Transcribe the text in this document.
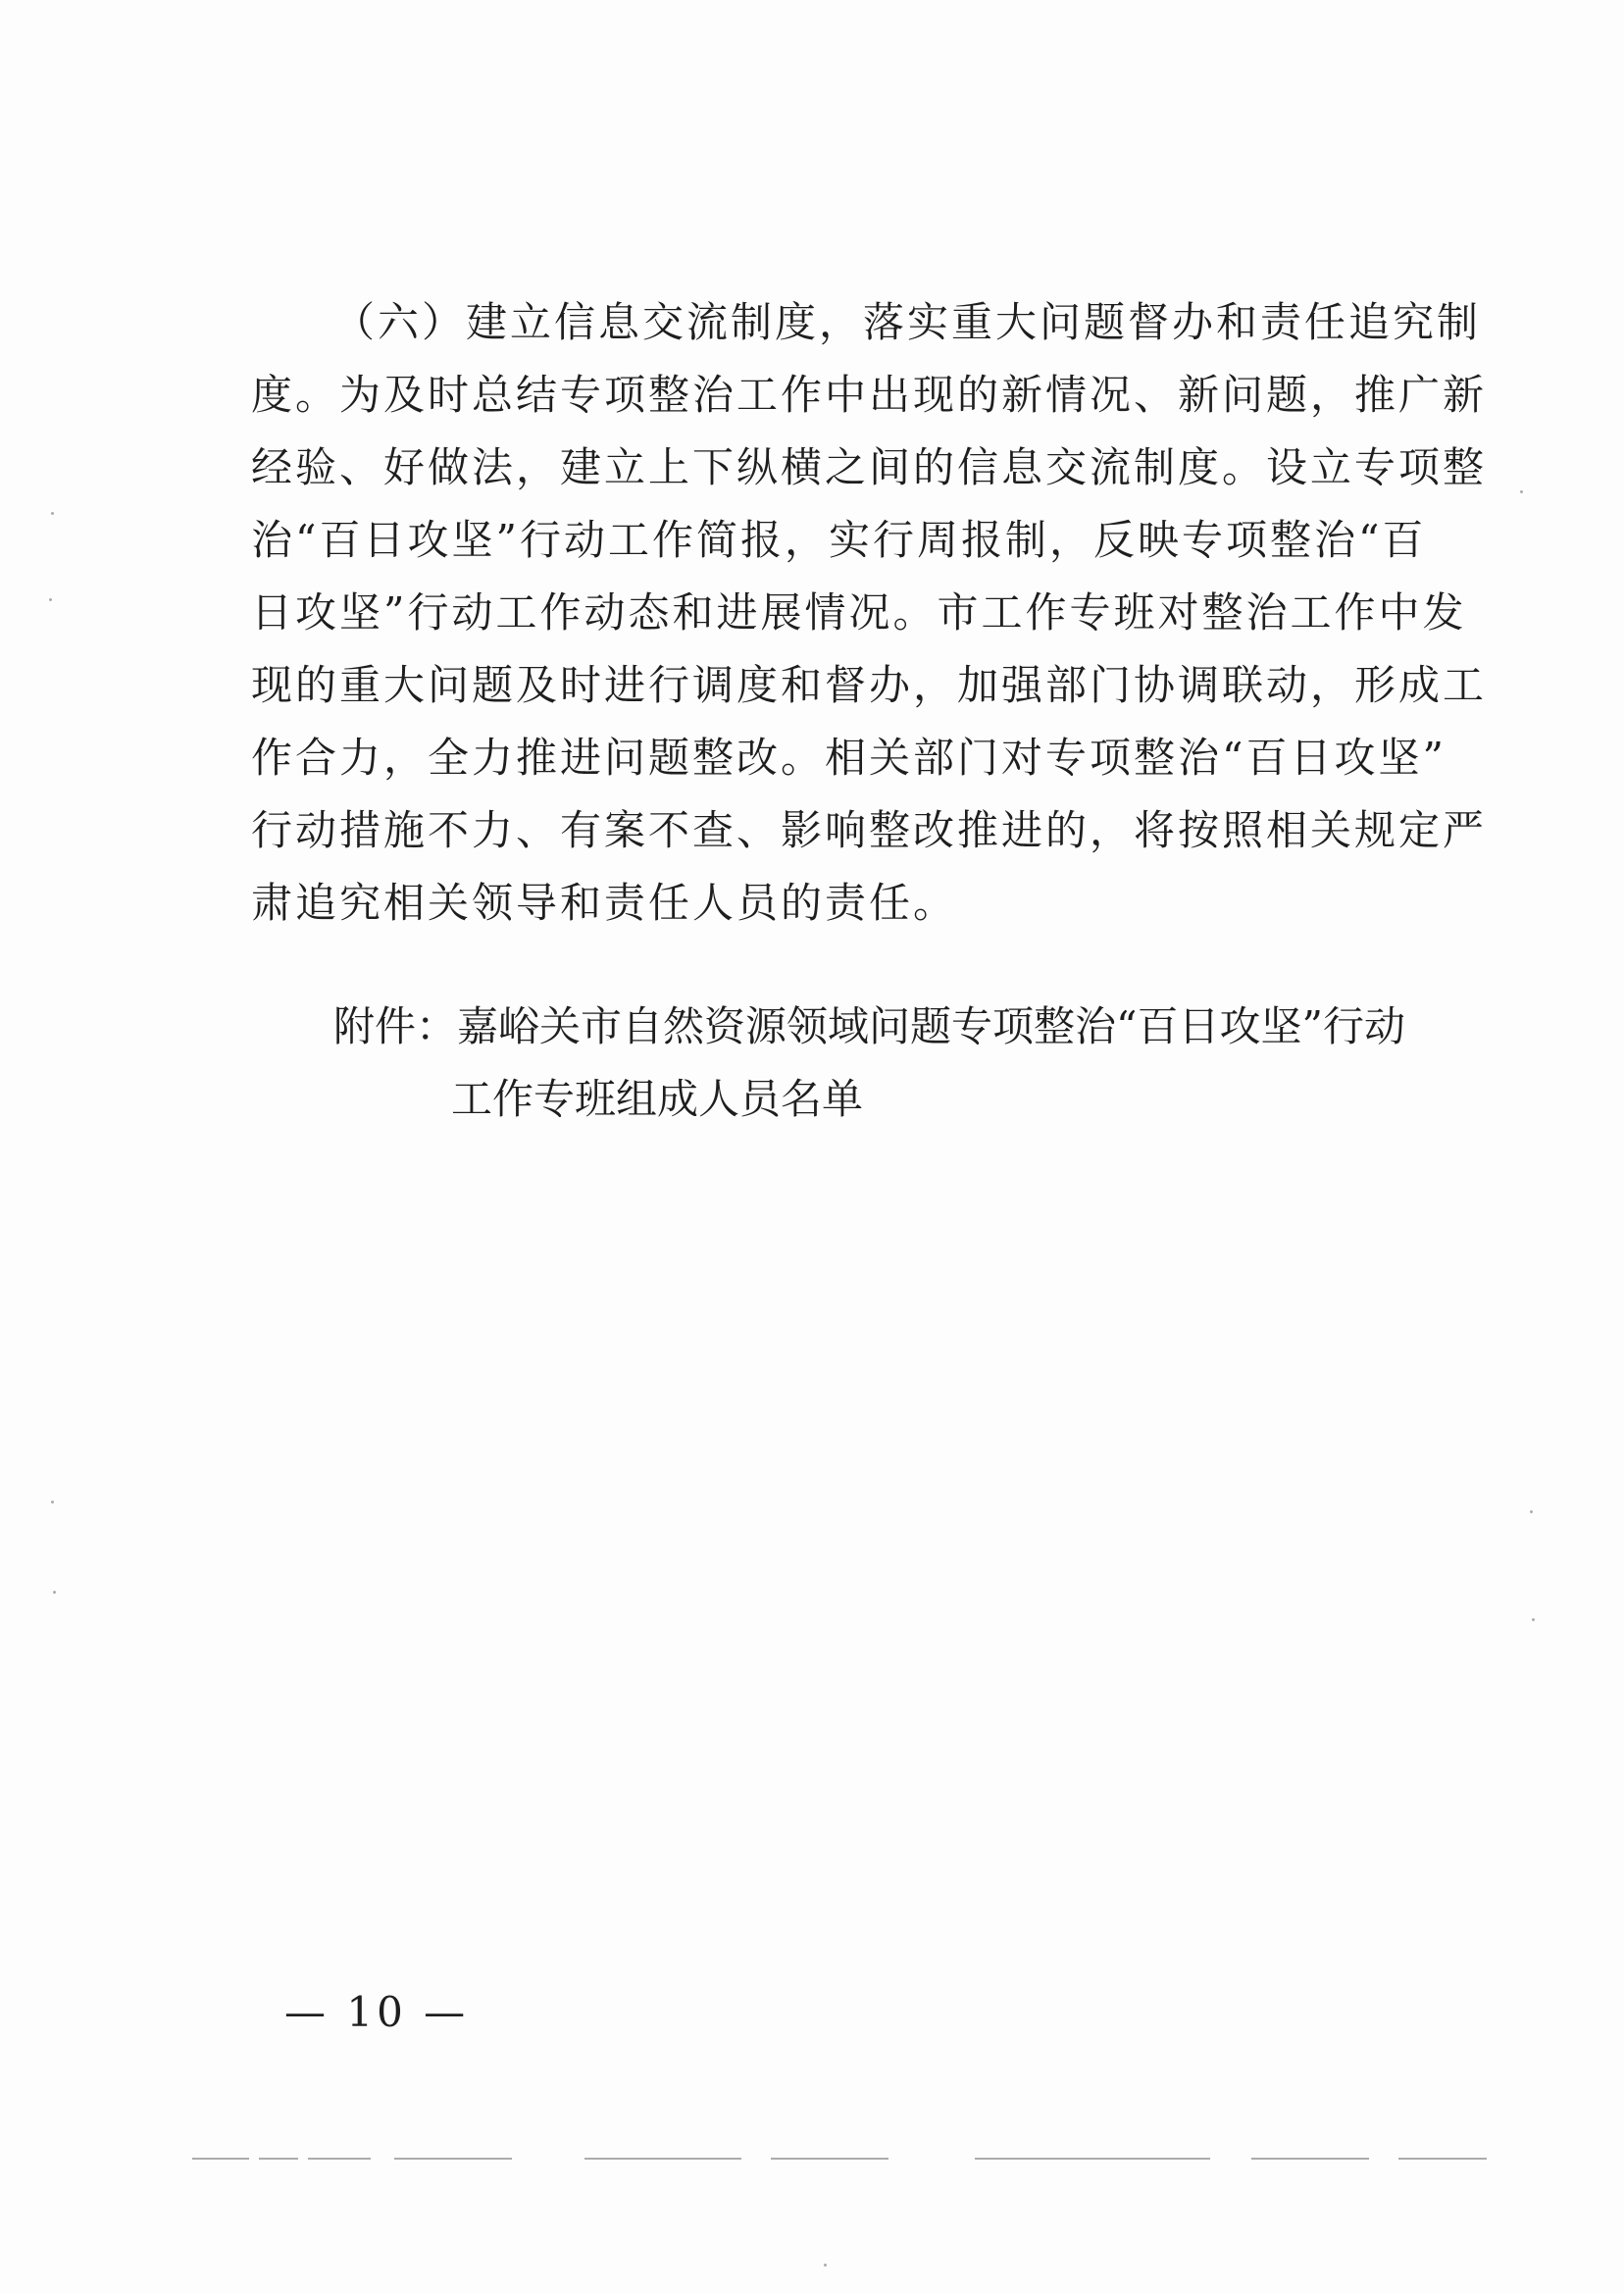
（六）建立信息交流制度，落实重大问题督办和责任追究制
度。为及时总结专项整治工作中出现的新情况、新问题，推广新
经验、好做法，建立上下纵横之间的信息交流制度。设立专项整
治“百日攻坚”行动工作简报，实行周报制，反映专项整治“百
日攻坚”行动工作动态和进展情况。市工作专班对整治工作中发
现的重大问题及时进行调度和督办，加强部门协调联动，形成工
作合力，全力推进问题整改。相关部门对专项整治“百日攻坚”
行动措施不力、有案不查、影响整改推进的，将按照相关规定严
肃追究相关领导和责任人员的责任。
附件：嘉峪关市自然资源领域问题专项整治“百日攻坚”行动
工作专班组成人员名单
— 10 —
